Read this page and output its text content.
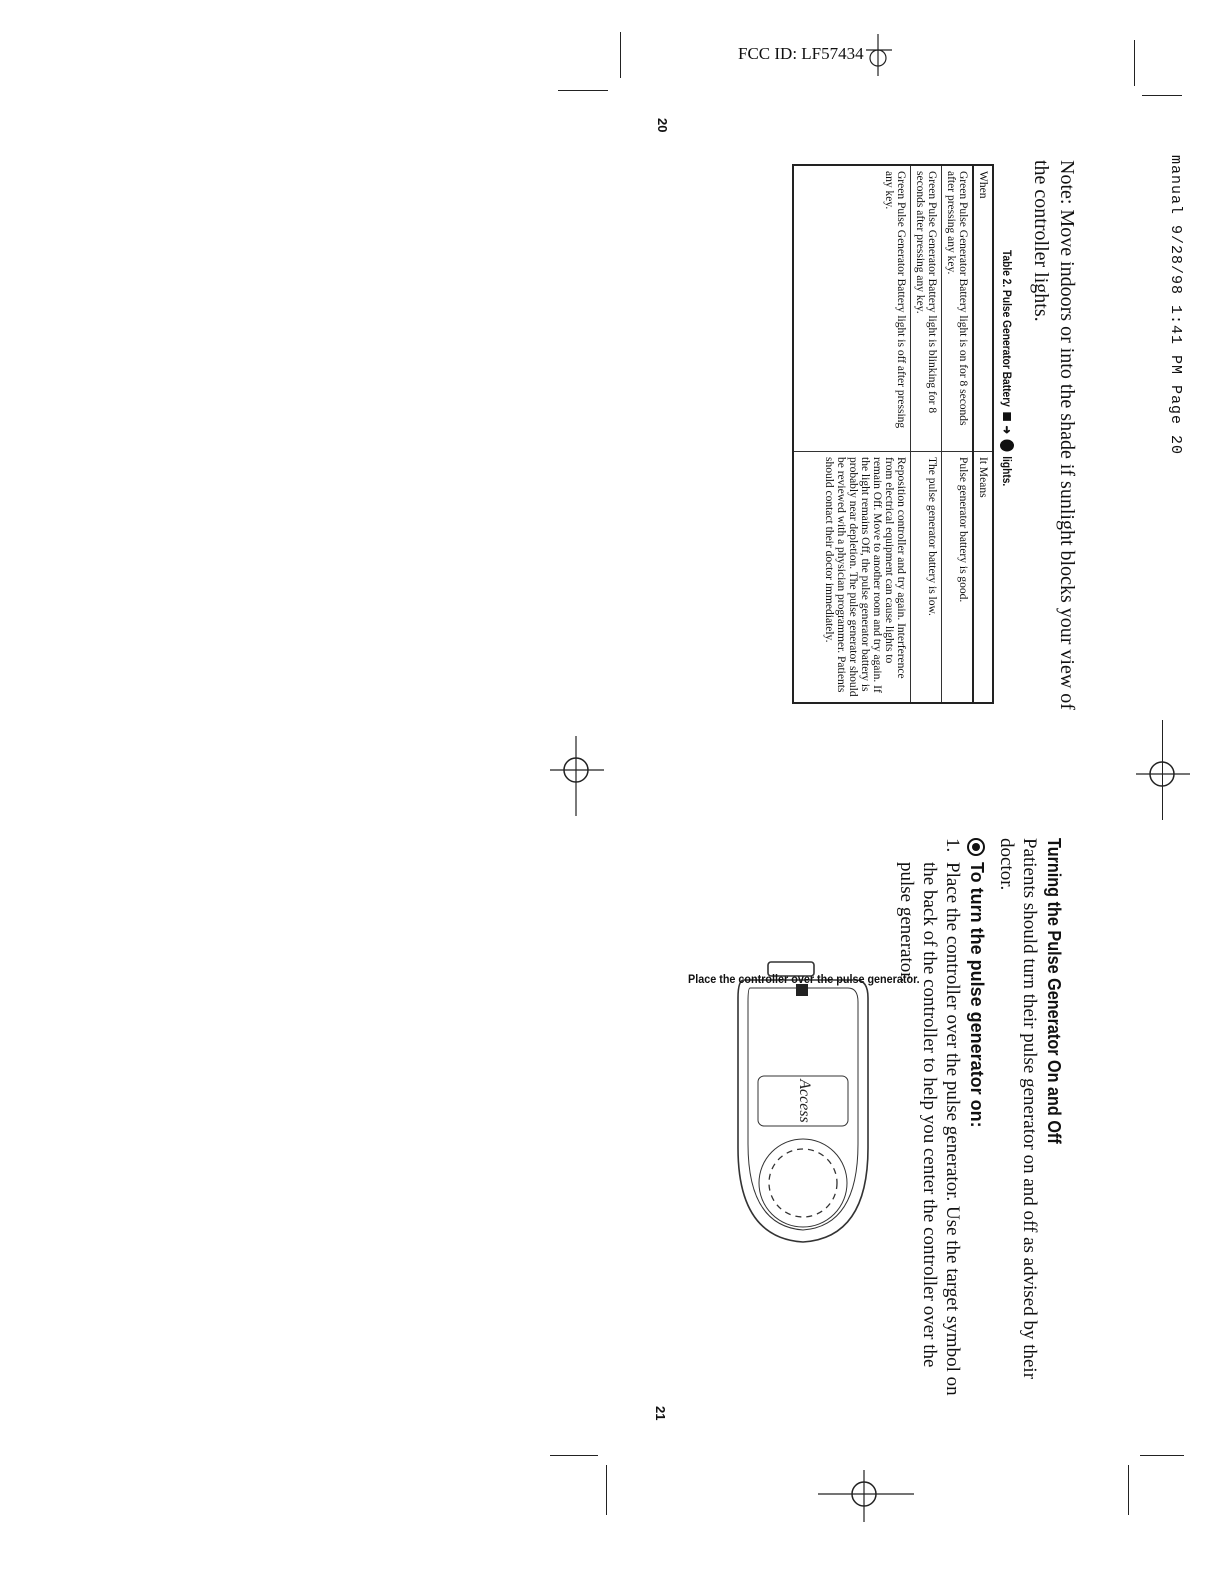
FCC ID: LF57434
manual 9/28/98 1:41 PM Page 20
20
21

Note: Move indoors or into the shade if sunlight blocks your view of the controller lights.

Table 2. Pulse Generator Battery
➜
lights.
When	It Means
Green Pulse Generator Battery light is on for 8 seconds after pressing any key.	Pulse generator battery is good.
Green Pulse Generator Battery light is blinking for 8 seconds after pressing any key.	The pulse generator battery is low.
Green Pulse Generator Battery light is off after pressing any key.	Reposition controller and try again. Interference from electrical equipment can cause lights to remain Off. Move to another room and try again. If the light remains Off, the pulse generator battery is probably near depletion. The pulse generator should be reviewed with a physician programmer. Patients should contact their doctor immediately.

Turning the Pulse Generator On and Off

Patients should turn their pulse generator on and off as advised by their doctor.

To turn the pulse generator on:
1.
Place the controller over the pulse generator. Use the target symbol on the back of the controller to help you center the controller over the pulse generator.
Access
Place the controller over the pulse generator.
